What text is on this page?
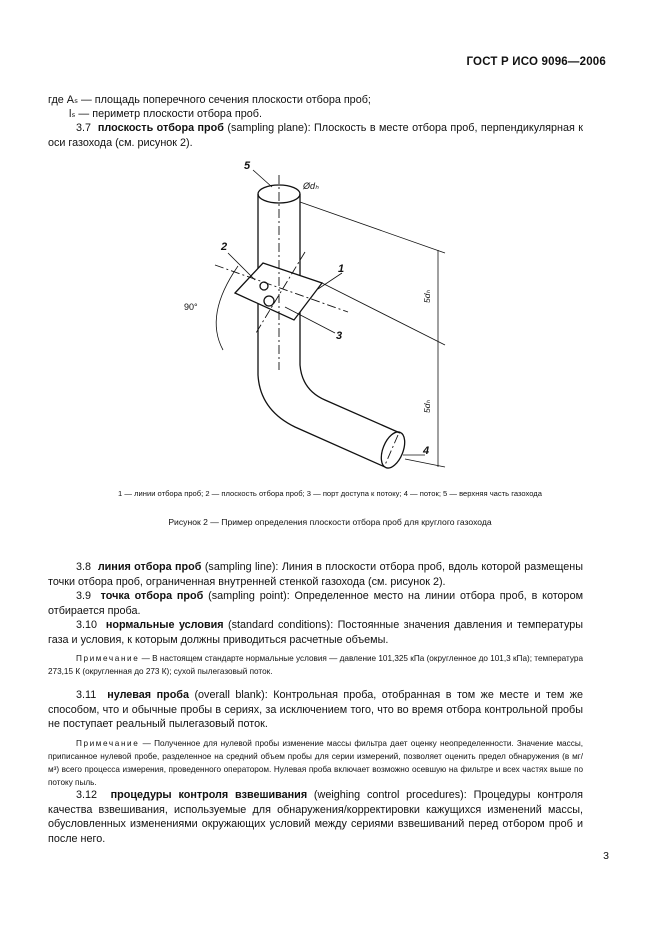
ГОСТ Р ИСО 9096—2006
где Aₛ — площадь поперечного сечения плоскости отбора проб;
lₛ — периметр плоскости отбора проб.
3.7 плоскость отбора проб (sampling plane): Плоскость в месте отбора проб, перпендикулярная к оси газохода (см. рисунок 2).
5
2
1
3
4
90°
Ødₕ
5dₕ
5dₕ
1 — линии отбора проб; 2 — плоскость отбора проб; 3 — порт доступа к потоку; 4 — поток; 5 — верхняя часть газохода
Рисунок 2 — Пример определения плоскости отбора проб для круглого газохода
3.8 линия отбора проб (sampling line): Линия в плоскости отбора проб, вдоль которой размещены точки отбора проб, ограниченная внутренней стенкой газохода (см. рисунок 2).
3.9 точка отбора проб (sampling point): Определенное место на линии отбора проб, в котором отбирается проба.
3.10 нормальные условия (standard conditions): Постоянные значения давления и температуры газа и условия, к которым должны приводиться расчетные объемы.
Примечание — В настоящем стандарте нормальные условия — давление 101,325 кПа (округленное до 101,3 кПа); температура 273,15 К (округленная до 273 К); сухой пылегазовый поток.
3.11 нулевая проба (overall blank): Контрольная проба, отобранная в том же месте и тем же способом, что и обычные пробы в сериях, за исключением того, что во время отбора контрольной пробы не поступает реальный пылегазовый поток.
Примечание — Полученное для нулевой пробы изменение массы фильтра дает оценку неопределенности. Значение массы, приписанное нулевой пробе, разделенное на средний объем пробы для серии измерений, позволяет оценить предел обнаружения (в мг/м³) всего процесса измерения, проведенного оператором. Нулевая проба включает возможно осевшую на фильтре и всех частях выше по потоку пыль.
3.12 процедуры контроля взвешивания (weighing control procedures): Процедуры контроля качества взвешивания, используемые для обнаружения/корректировки кажущихся изменений массы, обусловленных изменениями окружающих условий между сериями взвешиваний перед отбором проб и после него.
3
